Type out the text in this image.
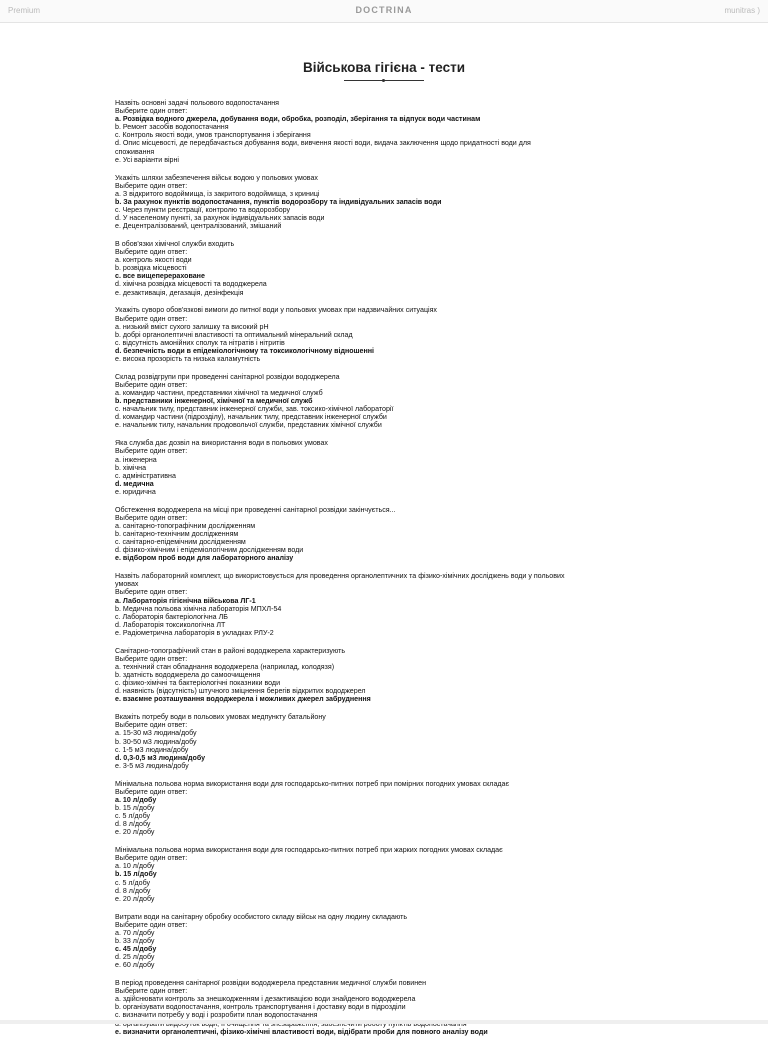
Premium	DOCTRINA	munitras )
Військова гігієна - тести
Назвіть основні задачі польового водопостачання
Выберите один ответ:
a. Розвідка водного джерела, добування води, обробка, розподіл, зберігання та відпуск води частинам
b. Ремонт засобів водопостачання
c. Контроль якості води, умов транспортування і зберігання
d. Опис місцевості, де передбачається добування води, вивчення якості води, видача заключення щодо придатності води для споживання
e. Усі варіанти вірні
Укажіть шляхи забезпечення військ водою у польових умовах
Выберите один ответ:
a. З відкритого водоймища, із закритого водоймища, з криниці
b. За рахунок пунктів водопостачання, пунктів водорозбору та індивідуальних запасів води
c. Через пункти реєстрації, контролю та водорозбору
d. У населеному пункті, за рахунок індивідуальних запасів води
e. Децентралізований, централізований, змішаний
В обов'язки хімічної служби входить
Выберите один ответ:
a. контроль якості води
b. розвідка місцевості
c. все вищеперераховане
d. хімічна розвідка місцевості та вододжерела
e. дезактивація, дегазація, дезінфекція
Укажіть суворо обов'язкові вимоги до питної води у польових умовах при надзвичайних ситуаціях
Выберите один ответ:
a. низький вміст сухого залишку та високий рН
b. добрі органолептичні властивості та оптимальний мінеральний склад
c. відсутність амонійних сполук та нітратів і нітритів
d. безпечність води в епідеміологічному та токсикологічному відношенні
e. висока прозорість та низька каламутність
Склад розвідгрупи при проведенні санітарної розвідки вододжерела
Выберите один ответ:
a. командир частини, представники хімічної та медичної служб
b. представники інженерної, хімічної та медичної служб
c. начальник тилу, представник інженерної служби, зав. токсико-хімічної лабораторії
d. командир частини (підрозділу), начальник тилу, представник інженерної служби
e. начальник тилу, начальник продовольчої служби, представник хімічної служби
Яка служба дає дозвіл на використання води в польових умовах
Выберите один ответ:
a. інженерна
b. хімічна
c. адміністративна
d. медична
e. юридична
Обстеження вододжерела на місці при проведенні санітарної розвідки закінчується...
Выберите один ответ:
a. санітарно-топографічним дослідженням
b. санітарно-технічним дослідженням
c. санітарно-епідемічним дослідженням
d. фізико-хімічним і епідеміологічним дослідженням води
e. відбором проб води для лабораторного аналізу
Назвіть лабораторний комплект, що використовується для проведення органолептичних та фізико-хімічних досліджень води у польових умовах
Выберите один ответ:
a. Лабораторія гігієнічна військова ЛГ-1
b. Медична польова хімічна лабораторія МПХЛ-54
c. Лабораторія бактеріологічна ЛБ
d. Лабораторія токсикологічна ЛТ
e. Радіометрична лабораторія в укладках РЛУ-2
Санітарно-топографічний стан в районі вододжерела характеризують
Выберите один ответ:
a. технічний стан обладнання вододжерела (наприклад, колодязя)
b. здатність вододжерела до самоочищення
c. фізико-хімічні та бактеріологічні показники води
d. наявність (відсутність) штучного зміцнення берегів відкритих вододжерел
e. взаємне розташування вододжерела і можливих джерел забруднення
Вкажіть потребу води в польових умовах медпункту батальйону
Выберите один ответ:
a. 15-30 м3 людина/добу
b. 30-50 м3 людина/добу
c. 1-5 м3 людина/добу
d. 0,3-0,5 м3 людина/добу
e. 3-5 м3 людина/добу
Мінімальна польова норма використання води для господарсько-питних потреб при помірних погодних умовах складає
Выберите один ответ:
a. 10 л/добу
b. 15 л/добу
c. 5 л/добу
d. 8 л/добу
e. 20 л/добу
Мінімальна польова норма використання води для господарсько-питних потреб при жарких погодних умовах складає
Выберите один ответ:
a. 10 л/добу
b. 15 л/добу
c. 5 л/добу
d. 8 л/добу
e. 20 л/добу
Витрати води на санітарну обробку особистого складу військ на одну людину складають
Выберите один ответ:
a. 70 л/добу
b. 33 л/добу
c. 45 л/добу
d. 25 л/добу
e. 60 л/добу
В період проведення санітарної розвідки вододжерела представник медичної служби повинен
Выберите один ответ:
a. здійснювати контроль за знешкодженням і дезактивацією води знайденого вододжерела
b. організувати водопостачання, контроль транспортування і доставку води в підрозділи
c. визначити потребу у воді і розробити план водопостачання
e. визначити органолептичні, фізико-хімічні властивості води, відібрати проби для повного аналізу води
